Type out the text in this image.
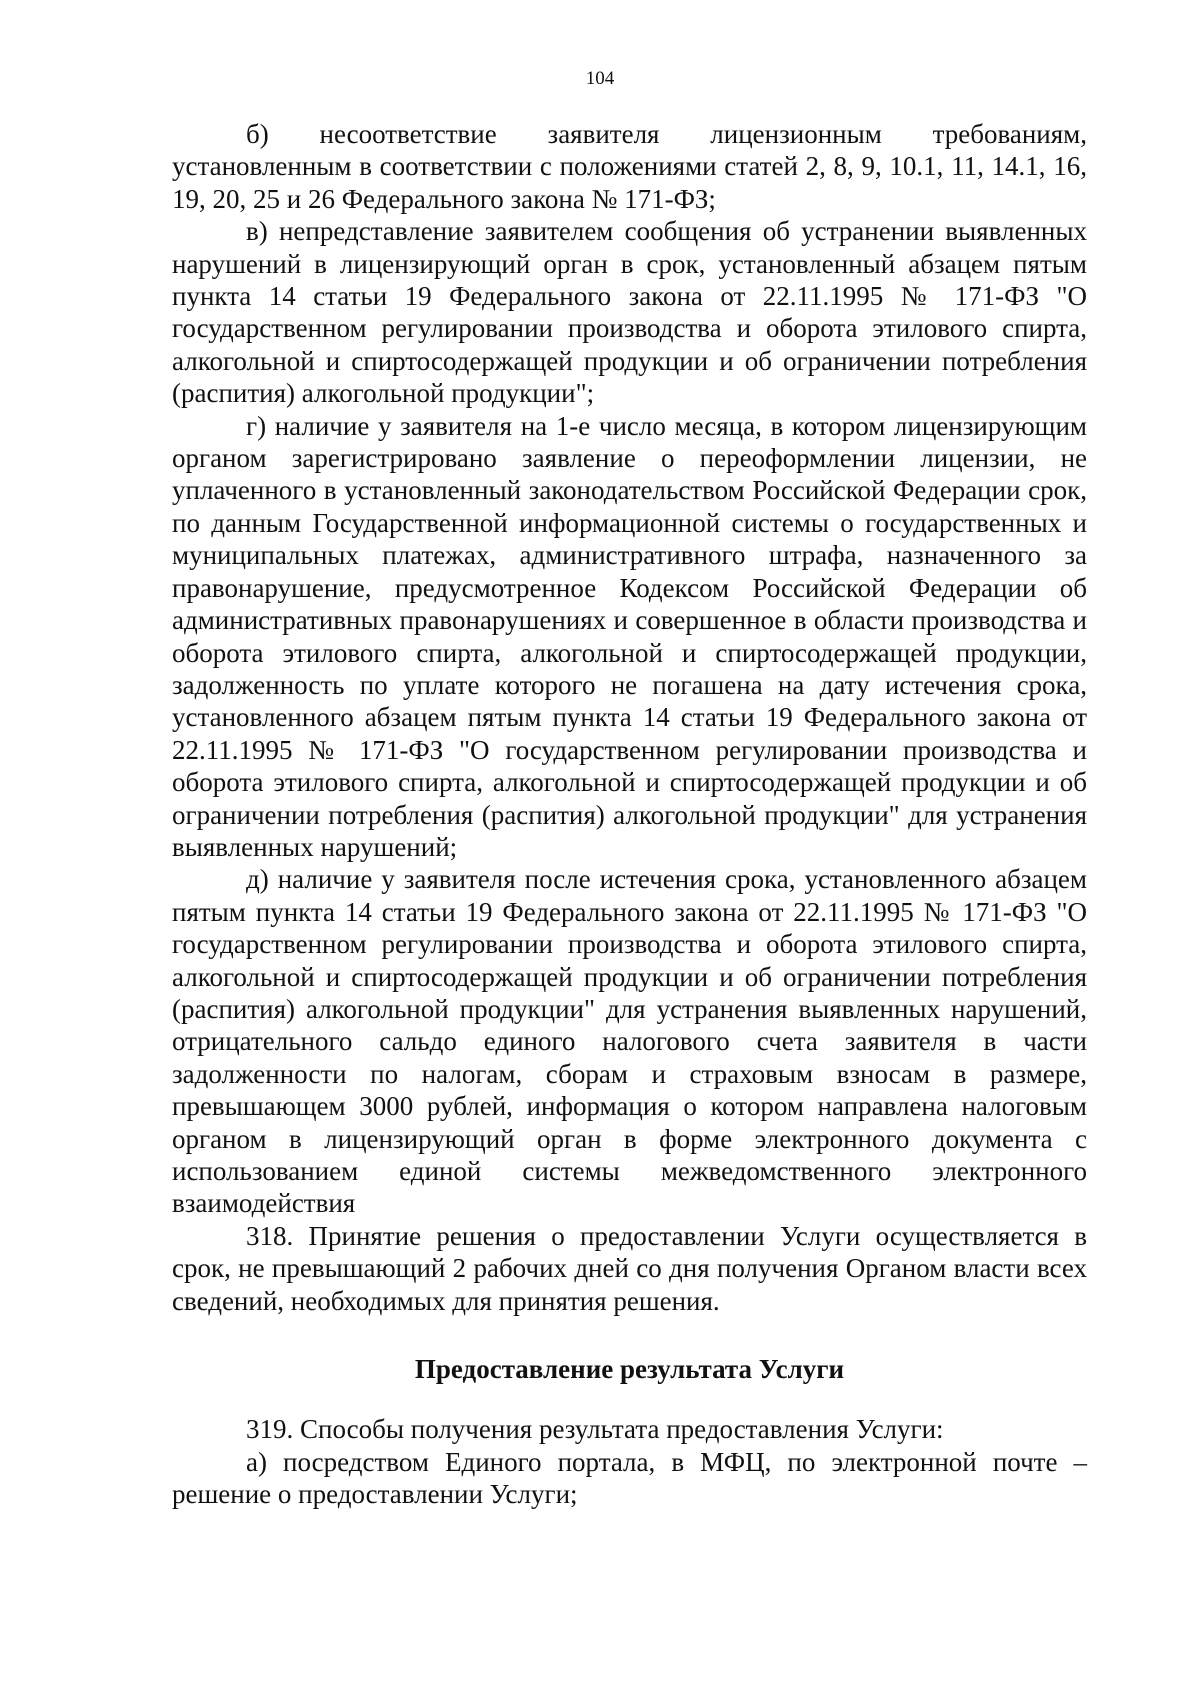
104

б) несоответствие заявителя лицензионным требованиям, установленным в соответствии с положениями статей 2, 8, 9, 10.1, 11, 14.1, 16, 19, 20, 25 и 26 Федерального закона № 171-ФЗ;

в) непредставление заявителем сообщения об устранении выявленных нарушений в лицензирующий орган в срок, установленный абзацем пятым пункта 14 статьи 19 Федерального закона от 22.11.1995 № 171-ФЗ "О государственном регулировании производства и оборота этилового спирта, алкогольной и спиртосодержащей продукции и об ограничении потребления (распития) алкогольной продукции";

г) наличие у заявителя на 1-е число месяца, в котором лицензирующим органом зарегистрировано заявление о переоформлении лицензии, не уплаченного в установленный законодательством Российской Федерации срок, по данным Государственной информационной системы о государственных и муниципальных платежах, административного штрафа, назначенного за правонарушение, предусмотренное Кодексом Российской Федерации об административных правонарушениях и совершенное в области производства и оборота этилового спирта, алкогольной и спиртосодержащей продукции, задолженность по уплате которого не погашена на дату истечения срока, установленного абзацем пятым пункта 14 статьи 19 Федерального закона от 22.11.1995 № 171-ФЗ "О государственном регулировании производства и оборота этилового спирта, алкогольной и спиртосодержащей продукции и об ограничении потребления (распития) алкогольной продукции" для устранения выявленных нарушений;

д) наличие у заявителя после истечения срока, установленного абзацем пятым пункта 14 статьи 19 Федерального закона от 22.11.1995 № 171-ФЗ "О государственном регулировании производства и оборота этилового спирта, алкогольной и спиртосодержащей продукции и об ограничении потребления (распития) алкогольной продукции" для устранения выявленных нарушений, отрицательного сальдо единого налогового счета заявителя в части задолженности по налогам, сборам и страховым взносам в размере, превышающем 3000 рублей, информация о котором направлена налоговым органом в лицензирующий орган в форме электронного документа с использованием единой системы межведомственного электронного взаимодействия

318. Принятие решения о предоставлении Услуги осуществляется в срок, не превышающий 2 рабочих дней со дня получения Органом власти всех сведений, необходимых для принятия решения.

Предоставление результата Услуги

319. Способы получения результата предоставления Услуги:

а) посредством Единого портала, в МФЦ, по электронной почте – решение о предоставлении Услуги;
